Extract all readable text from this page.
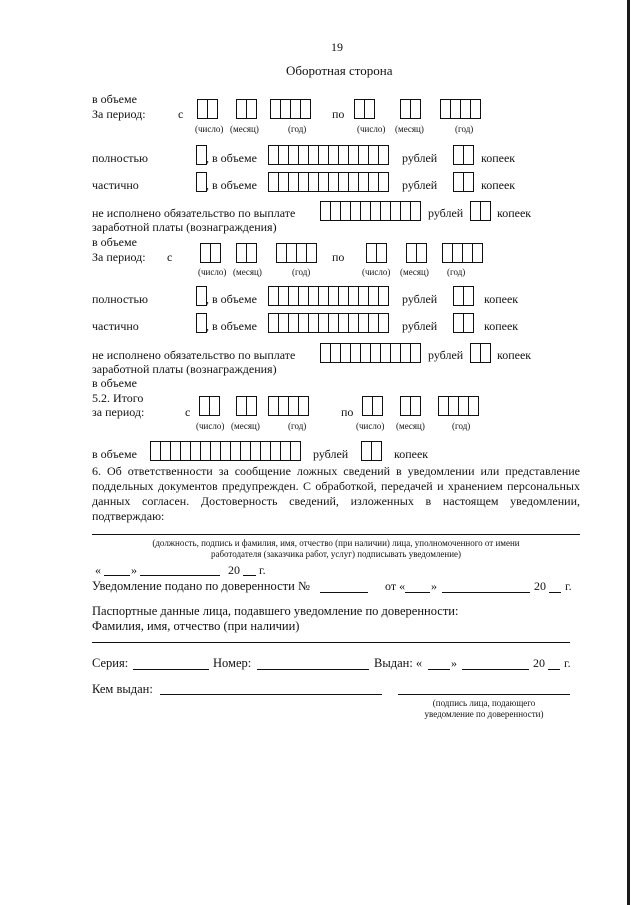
19
Оборотная сторона
в объеме
За период:	с	по
(число) (месяц)	(год)	(число) (месяц)	(год)
полностью	, в объеме	рублей	копеек
частично	, в объеме	рублей	копеек
не исполнено обязательство по выплате
заработной платы (вознаграждения)
рублей	копеек
в объеме
За период: с	по
(число) (месяц)	(год)	(число) (месяц) (год)
полностью	, в объеме	рублей	копеек
частично	, в объеме	рублей	копеек
не исполнено обязательство по выплате
заработной платы (вознаграждения)
рублей	копеек
в объеме
5.2. Итого
за период:	с	по
(число) (месяц)	(год)	(число) (месяц)	(год)
в объеме	рублей	копеек
6. Об ответственности за сообщение ложных сведений в уведомлении или представление поддельных документов предупрежден. С обработкой, передачей и хранением персональных данных согласен. Достоверность сведений, изложенных в настоящем уведомлении, подтверждаю:
(должность, подпись и фамилия, имя, отчество (при наличии) лица, уполномоченного от имени
работодателя (заказчика работ, услуг) подписывать уведомление)
«	»	20 г.
Уведомление подано по доверенности №	от « »	20 г.
Паспортные данные лица, подавшего уведомление по доверенности:
Фамилия, имя, отчество (при наличии)
Серия:	Номер:	Выдан: « »	20 г.
Кем выдан:
(подпись лица, подающего
уведомление по доверенности)
